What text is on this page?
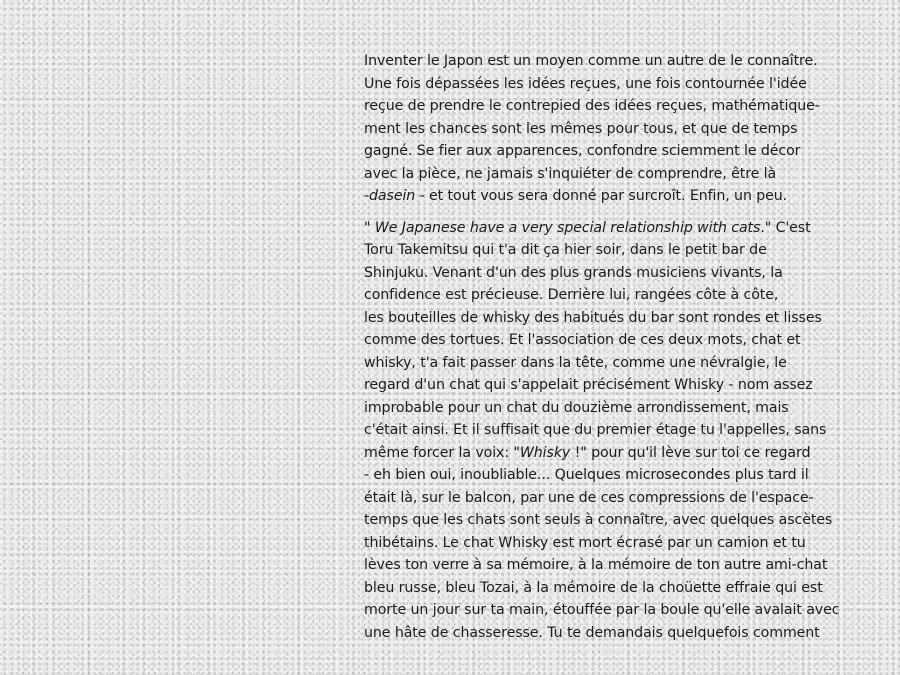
Inventer le Japon est un moyen comme un autre de le connaître.
Une fois dépassées les idées reçues, une fois contournée l'idée
reçue de prendre le contrepied des idées reçues, mathématique-
ment les chances sont les mêmes pour tous, et que de temps
gagné. Se fier aux apparences, confondre sciemment le décor
avec la pièce, ne jamais s'inquiéter de comprendre, être là
-dasein - et tout vous sera donné par surcroît. Enfin, un peu.

" We Japanese have a very special relationship with cats." C'est
Toru Takemitsu qui t'a dit ça hier soir, dans le petit bar de
Shinjuku. Venant d'un des plus grands musiciens vivants, la
confidence est précieuse. Derrière lui, rangées côte à côte,
les bouteilles de whisky des habitués du bar sont rondes et lisses
comme des tortues. Et l'association de ces deux mots, chat et
whisky, t'a fait passer dans la tête, comme une névralgie, le
regard d'un chat qui s'appelait précisément Whisky - nom assez
improbable pour un chat du douzième arrondissement, mais
c'était ainsi. Et il suffisait que du premier étage tu l'appelles, sans
même forcer la voix: "Whisky !" pour qu'il lève sur toi ce regard
- eh bien oui, inoubliable... Quelques microsecondes plus tard il
était là, sur le balcon, par une de ces compressions de l'espace-
temps que les chats sont seuls à connaître, avec quelques ascètes
thibétains. Le chat Whisky est mort écrasé par un camion et tu
lèves ton verre à sa mémoire, à la mémoire de ton autre ami-chat
bleu russe, bleu Tozai, à la mémoire de la choüette effraie qui est
morte un jour sur ta main, étouffée par la boule qu'elle avalait avec
une hâte de chasseresse. Tu te demandais quelquefois comment
